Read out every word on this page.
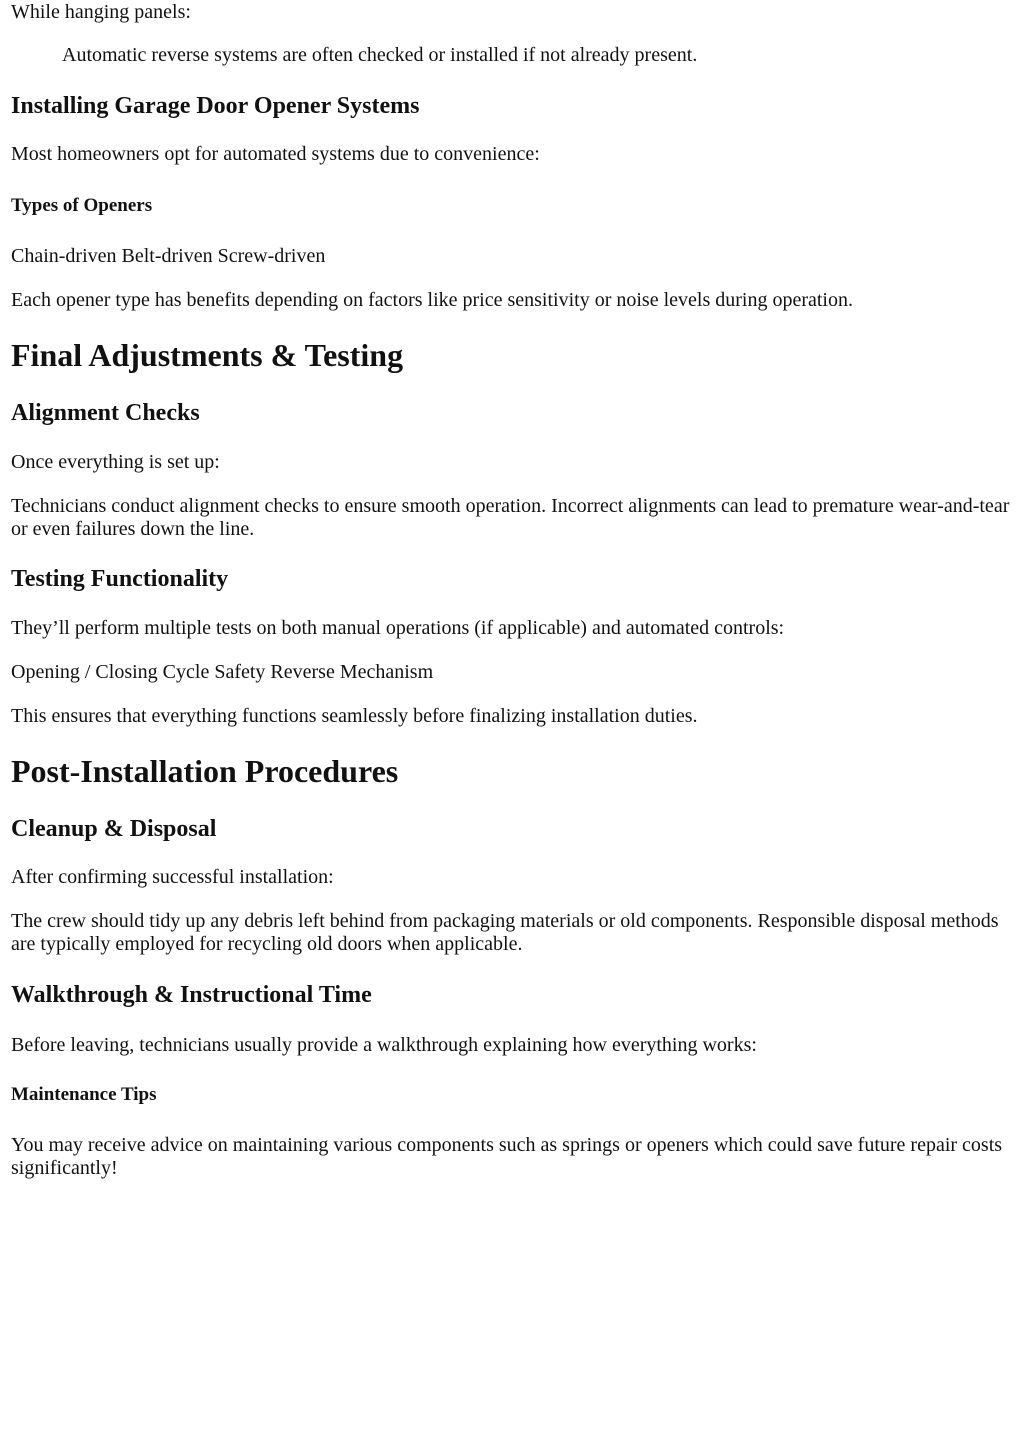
While hanging panels:

Automatic reverse systems are often checked or installed if not already present.

Installing Garage Door Opener Systems

Most homeowners opt for automated systems due to convenience:

Types of Openers

Chain-driven Belt-driven Screw-driven

Each opener type has benefits depending on factors like price sensitivity or noise levels during operation.

Final Adjustments & Testing
Alignment Checks

Once everything is set up:

Technicians conduct alignment checks to ensure smooth operation. Incorrect alignments can lead to premature wear-and-tear or even failures down the line.

Testing Functionality

They’ll perform multiple tests on both manual operations (if applicable) and automated controls:

Opening / Closing Cycle Safety Reverse Mechanism

This ensures that everything functions seamlessly before finalizing installation duties.

Post-Installation Procedures
Cleanup & Disposal

After confirming successful installation:

The crew should tidy up any debris left behind from packaging materials or old components. Responsible disposal methods are typically employed for recycling old doors when applicable.

Walkthrough & Instructional Time

Before leaving, technicians usually provide a walkthrough explaining how everything works:

Maintenance Tips

You may receive advice on maintaining various components such as springs or openers which could save future repair costs significantly!
